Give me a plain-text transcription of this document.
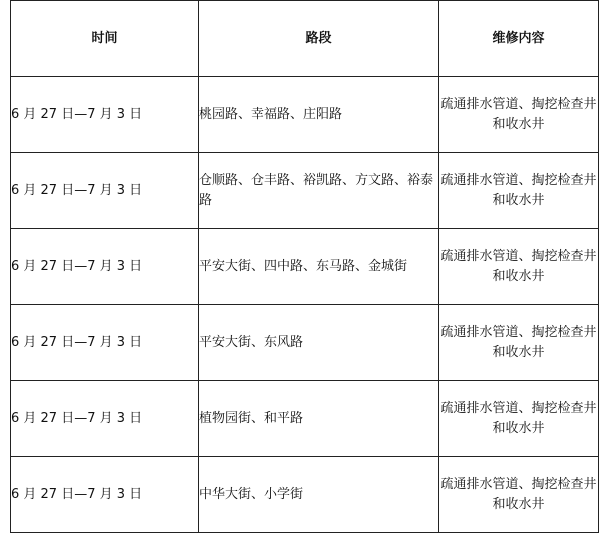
时间	路段	维修内容
6 月 27 日—7 月 3 日	桃园路、幸福路、庄阳路	疏通排水管道、掏挖检查井和收水井
6 月 27 日—7 月 3 日	仓顺路、仓丰路、裕凯路、方文路、裕泰路	疏通排水管道、掏挖检查井和收水井
6 月 27 日—7 月 3 日	平安大街、四中路、东马路、金城街	疏通排水管道、掏挖检查井和收水井
6 月 27 日—7 月 3 日	平安大街、东风路	疏通排水管道、掏挖检查井和收水井
6 月 27 日—7 月 3 日	植物园街、和平路	疏通排水管道、掏挖检查井和收水井
6 月 27 日—7 月 3 日	中华大街、小学街	疏通排水管道、掏挖检查井和收水井
